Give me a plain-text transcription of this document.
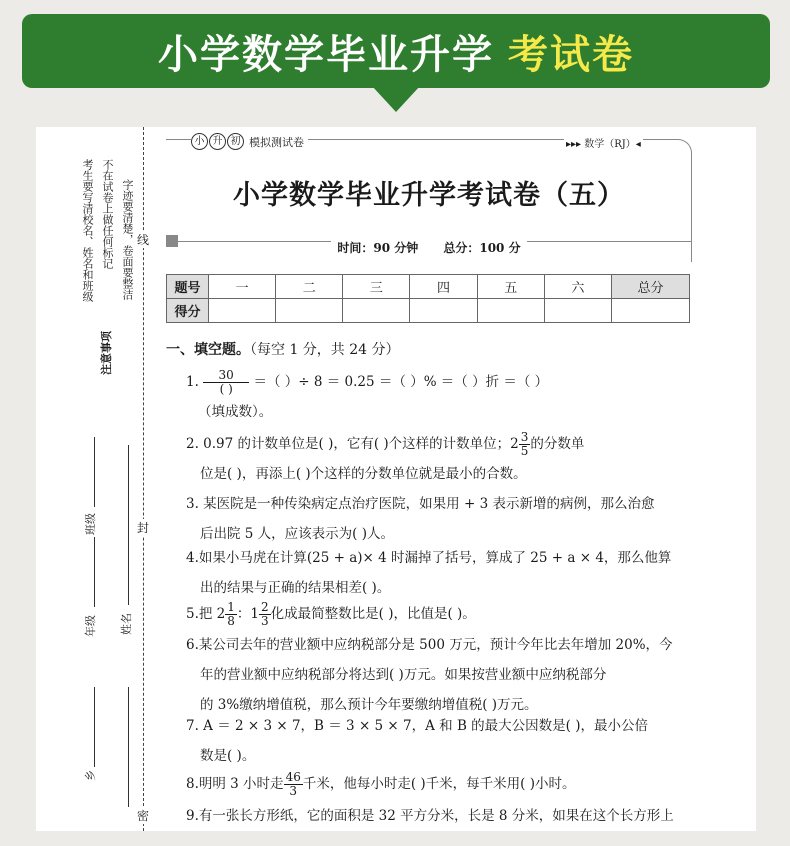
小学数学毕业升学 考试卷
考生要写清校名、姓名和班级 不在试卷上做任何标记 字迹要清楚，卷面要整洁
注意事项
乡
年级
班级
姓名
线
封
密
小 升 初 模拟测试卷	▸▸▸ 数学（RJ）◂
小学数学毕业升学考试卷（五）
时间：90 分钟 总分：100 分
题号	一	二	三	四	五	六	总分
得分							
一、填空题。（每空 1 分，共 24 分）
1. $\frac{30}{( )}$ ＝（ ）÷ 8 ＝ 0.25 ＝（ ）% ＝（ ）折 ＝（ ）
（填成数）。
2. 0.97 的计数单位是( )，它有( )个这样的计数单位；$2 \frac{3}{5}$ 的分数单
位是( )，再添上( )个这样的分数单位就是最小的合数。
3. 某医院是一种传染病定点治疗医院，如果用 + 3 表示新增的病例，那么治愈
后出院 5 人，应该表示为( )人。
4.如果小马虎在计算(25 + a)× 4 时漏掉了括号，算成了 25 + a × 4，那么他算
出的结果与正确的结果相差( )。
5.把 $2 \frac{1}{8}$ ：$1 \frac{2}{3}$ 化成最简整数比是( )，比值是( )。
6.某公司去年的营业额中应纳税部分是 500 万元，预计今年比去年增加 20%，今
年的营业额中应纳税部分将达到( )万元。如果按营业额中应纳税部分
的 3%缴纳增值税，那么预计今年要缴纳增值税( )万元。
7. A ＝ 2 × 3 × 7，B ＝ 3 × 5 × 7，A 和 B 的最大公因数是( )，最小公倍
数是( )。
8.明明 3 小时走 $\frac{46}{3}$ 千米，他每小时走( )千米，每千米用( )小时。
9.有一张长方形纸，它的面积是 32 平方分米，长是 8 分米，如果在这个长方形上
